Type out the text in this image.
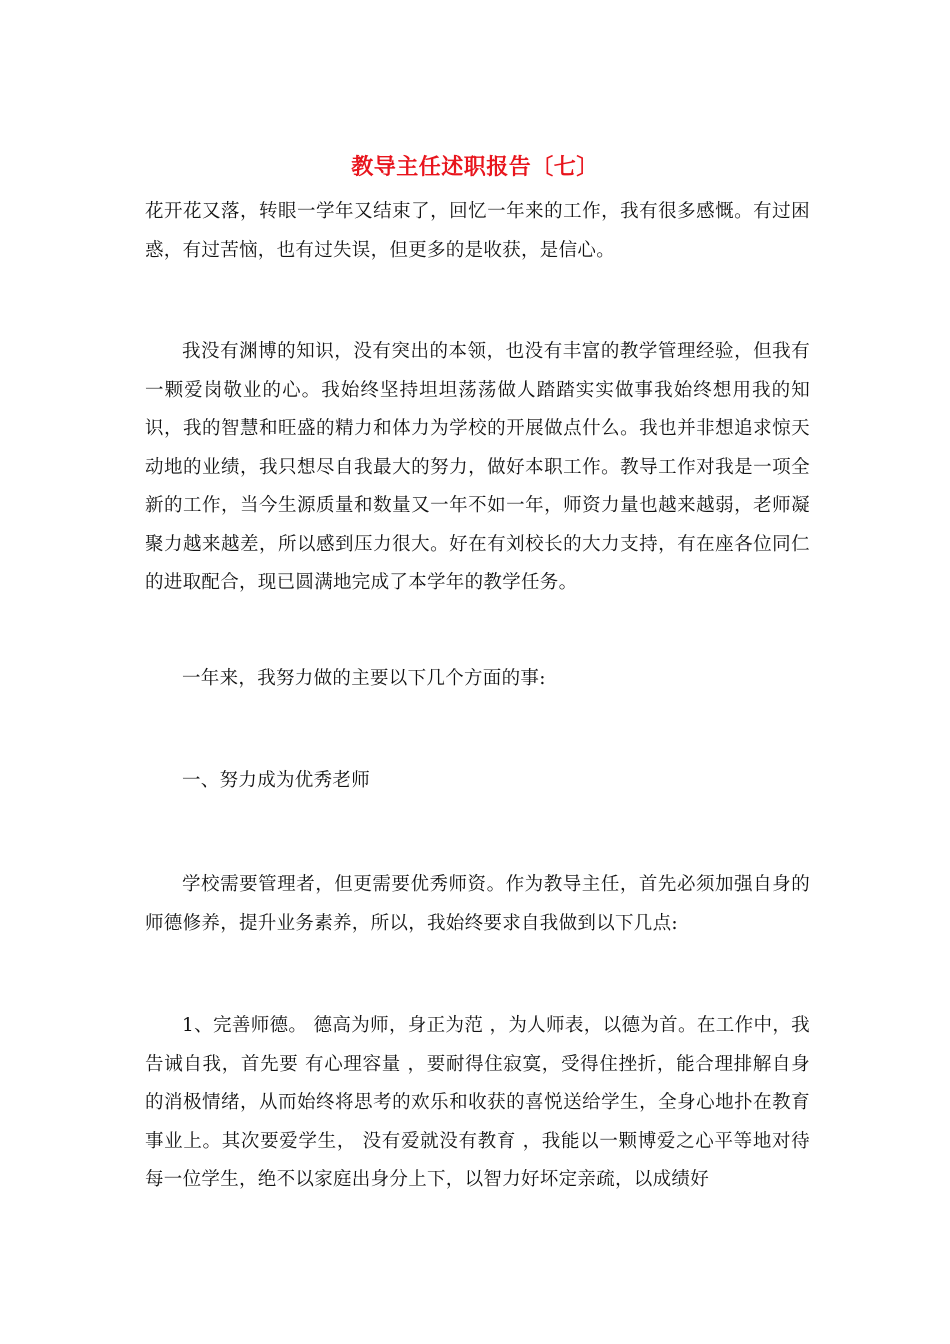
教导主任述职报告〔七〕

花开花又落，转眼一学年又结束了，回忆一年来的工作，我有很多感慨。有过困惑，有过苦恼，也有过失误，但更多的是收获，是信心。

我没有渊博的知识，没有突出的本领，也没有丰富的教学管理经验，但我有一颗爱岗敬业的心。我始终坚持坦坦荡荡做人踏踏实实做事我始终想用我的知识，我的智慧和旺盛的精力和体力为学校的开展做点什么。我也并非想追求惊天动地的业绩，我只想尽自我最大的努力，做好本职工作。教导工作对我是一项全新的工作，当今生源质量和数量又一年不如一年，师资力量也越来越弱，老师凝聚力越来越差，所以感到压力很大。好在有刘校长的大力支持，有在座各位同仁的进取配合，现已圆满地完成了本学年的教学任务。

一年来，我努力做的主要以下几个方面的事:

一、努力成为优秀老师

学校需要管理者，但更需要优秀师资。作为教导主任，首先必须加强自身的师德修养，提升业务素养，所以，我始终要求自我做到以下几点:

1、完善师德。 德高为师，身正为范 ，为人师表，以德为首。在工作中，我告诫自我，首先要 有心理容量 ，要耐得住寂寞，受得住挫折，能合理排解自身的消极情绪，从而始终将思考的欢乐和收获的喜悦送给学生，全身心地扑在教育事业上。其次要爱学生， 没有爱就没有教育 ，我能以一颗博爱之心平等地对待每一位学生，绝不以家庭出身分上下，以智力好坏定亲疏，以成绩好
